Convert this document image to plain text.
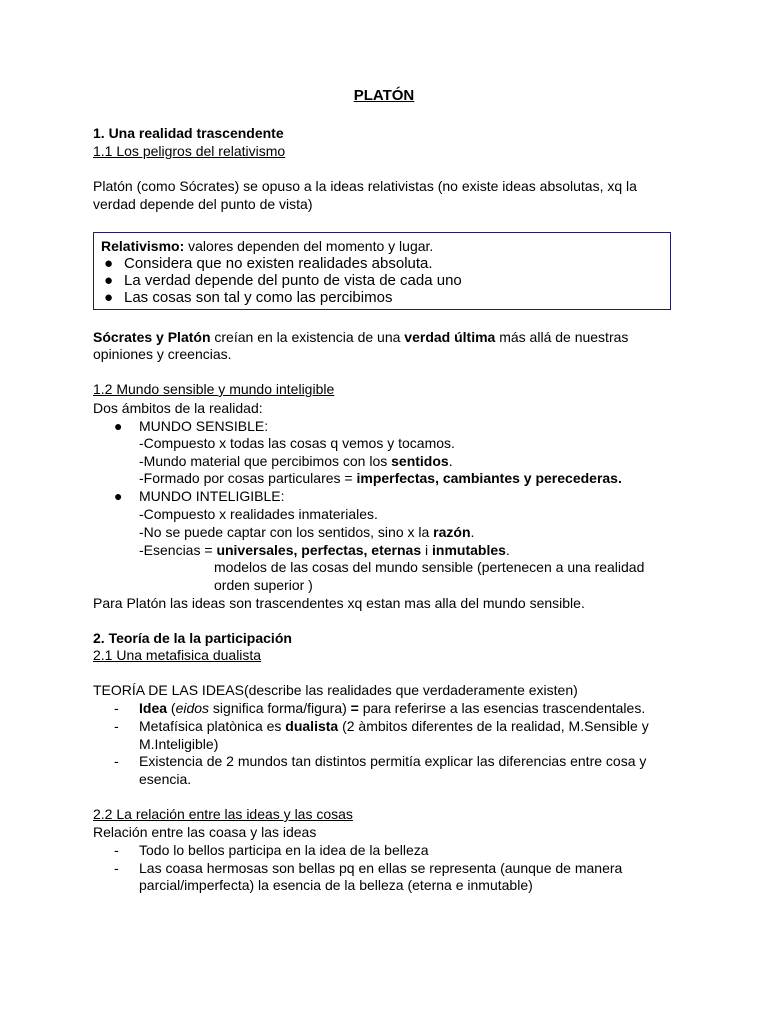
PLATÓN
1. Una realidad trascendente
1.1 Los peligros del relativismo
Platón (como Sócrates) se opuso a la ideas relativistas (no existe ideas absolutas, xq la
verdad depende del punto de vista)
Relativismo: valores dependen del momento y lugar.
● Considera que no existen realidades absoluta.
● La verdad depende del punto de vista de cada uno
● Las cosas son tal y como las percibimos
Sócrates y Platón creían en la existencia de una verdad última más allá de nuestras
opiniones y creencias.
1.2 Mundo sensible y mundo inteligible
Dos ámbitos de la realidad:
● MUNDO SENSIBLE:
-Compuesto x todas las cosas q vemos y tocamos.
-Mundo material que percibimos con los sentidos.
-Formado por cosas particulares = imperfectas, cambiantes y perecederas.
● MUNDO INTELIGIBLE:
-Compuesto x realidades inmateriales.
-No se puede captar con los sentidos, sino x la razón.
-Esencias = universales, perfectas, eternas i inmutables.
modelos de las cosas del mundo sensible (pertenecen a una realidad
orden superior )
Para Platón las ideas son trascendentes xq estan mas alla del mundo sensible.
2. Teoría de la la participación
2.1 Una metafisica dualista
TEORÍA DE LAS IDEAS(describe las realidades que verdaderamente existen)
- Idea (eidos significa forma/figura) = para referirse a las esencias trascendentales.
- Metafísica platònica es dualista (2 àmbitos diferentes de la realidad, M.Sensible y
M.Inteligible)
- Existencia de 2 mundos tan distintos permitía explicar las diferencias entre cosa y
esencia.
2.2 La relación entre las ideas y las cosas
Relación entre las coasa y las ideas
- Todo lo bellos participa en la idea de la belleza
- Las coasa hermosas son bellas pq en ellas se representa (aunque de manera
parcial/imperfecta) la esencia de la belleza (eterna e inmutable)
